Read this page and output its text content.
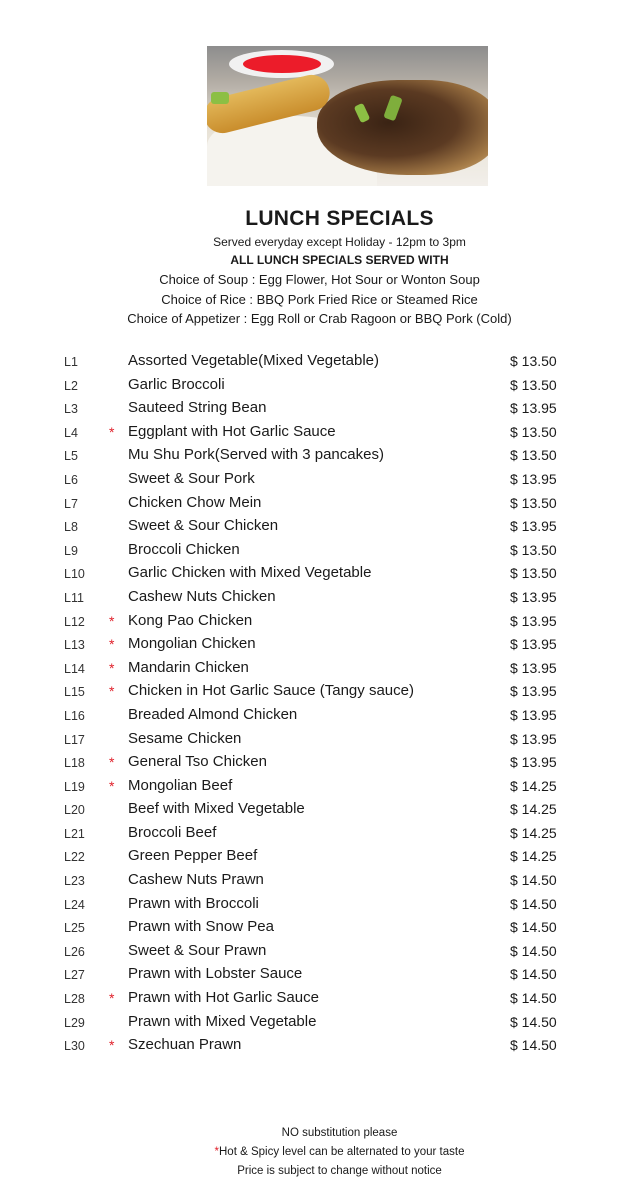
LUNCH SPECIALS
Served everyday except Holiday - 12pm to 3pm
ALL LUNCH SPECIALS SERVED WITH
Choice of Soup : Egg Flower, Hot Sour or Wonton Soup
Choice of Rice : BBQ Pork Fried Rice or Steamed Rice
Choice of Appetizer : Egg Roll or Crab Ragoon or BBQ Pork (Cold)
L1	Assorted Vegetable(Mixed Vegetable)	$ 13.50
L2	Garlic Broccoli	$ 13.50
L3	Sauteed String Bean	$ 13.95
L4 * Eggplant with Hot Garlic Sauce	$ 13.50
L5	Mu Shu Pork(Served with 3 pancakes)	$ 13.50
L6	Sweet & Sour Pork	$ 13.95
L7	Chicken Chow Mein	$ 13.50
L8	Sweet & Sour Chicken	$ 13.95
L9	Broccoli Chicken	$ 13.50
L10	Garlic Chicken with Mixed Vegetable	$ 13.50
L11	Cashew Nuts Chicken	$ 13.95
L12 * Kong Pao Chicken	$ 13.95
L13 * Mongolian Chicken	$ 13.95
L14 * Mandarin Chicken	$ 13.95
L15 * Chicken in Hot Garlic Sauce (Tangy sauce)	$ 13.95
L16	Breaded Almond Chicken	$ 13.95
L17	Sesame Chicken	$ 13.95
L18 * General Tso Chicken	$ 13.95
L19 * Mongolian Beef	$ 14.25
L20	Beef with Mixed Vegetable	$ 14.25
L21	Broccoli Beef	$ 14.25
L22	Green Pepper Beef	$ 14.25
L23	Cashew Nuts Prawn	$ 14.50
L24	Prawn with Broccoli	$ 14.50
L25	Prawn with Snow Pea	$ 14.50
L26	Sweet & Sour Prawn	$ 14.50
L27	Prawn with Lobster Sauce	$ 14.50
L28 * Prawn with Hot Garlic Sauce	$ 14.50
L29	Prawn with Mixed Vegetable	$ 14.50
L30 * Szechuan Prawn	$ 14.50
NO substitution please
*Hot & Spicy level can be alternated to your taste
Price is subject to change without notice
